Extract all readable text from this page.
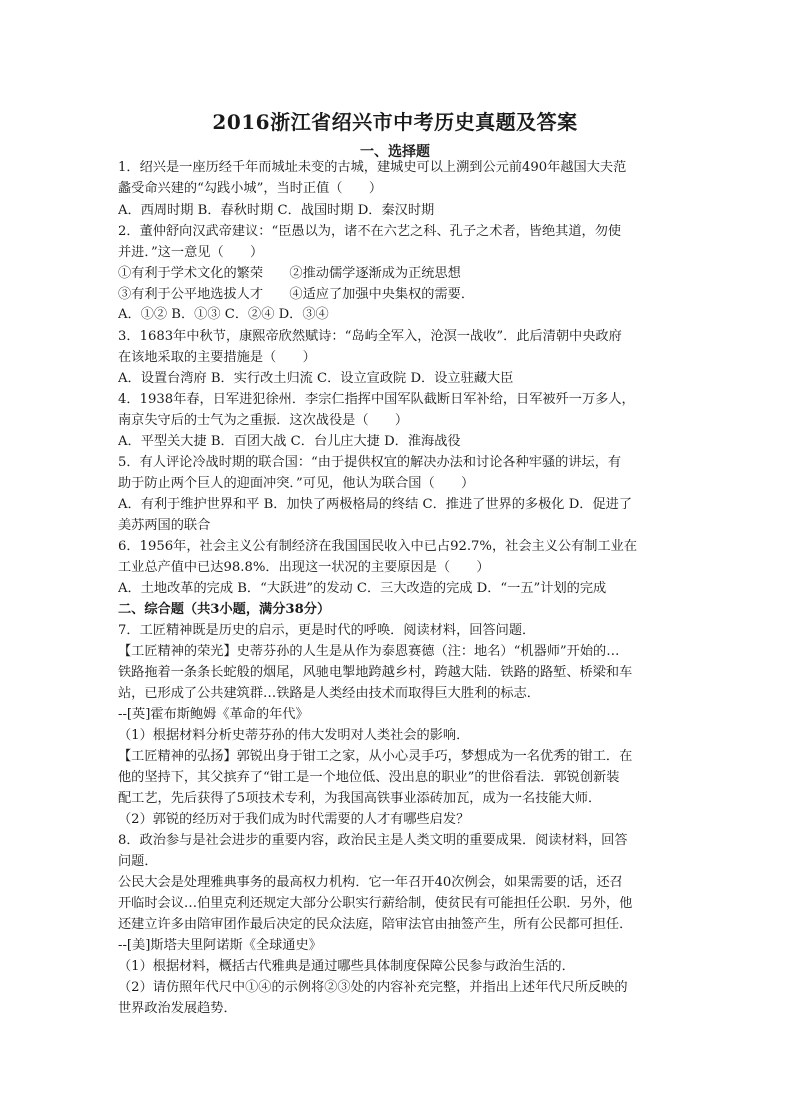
2016浙江省绍兴市中考历史真题及答案
一、选择题
1．绍兴是一座历经千年而城址未变的古城，建城史可以上溯到公元前490年越国大夫范
蠡受命兴建的“勾践小城”，当时正值（　　）
A．西周时期 B．春秋时期 C．战国时期 D．秦汉时期
2．董仲舒向汉武帝建议：“臣愚以为，诸不在六艺之科、孔子之术者，皆绝其道，勿使
并进．”这一意见（　　）
①有利于学术文化的繁荣　　②推动儒学逐渐成为正统思想
③有利于公平地选拔人才　　④适应了加强中央集权的需要．
A．①② B．①③ C．②④ D．③④
3．1683年中秋节，康熙帝欣然赋诗：“岛屿全军入，沧溟一战收”．此后清朝中央政府
在该地采取的主要措施是（　　）
A．设置台湾府 B．实行改土归流 C．设立宣政院 D．设立驻藏大臣
4．1938年春，日军进犯徐州．李宗仁指挥中国军队截断日军补给，日军被歼一万多人，
南京失守后的士气为之重振．这次战役是（　　）
A．平型关大捷 B．百团大战 C．台儿庄大捷 D．淮海战役
5．有人评论冷战时期的联合国：“由于提供权宜的解决办法和讨论各种牢骚的讲坛，有
助于防止两个巨人的迎面冲突．”可见，他认为联合国（　　）
A．有利于维护世界和平 B．加快了两极格局的终结 C．推进了世界的多极化 D．促进了
美苏两国的联合
6．1956年，社会主义公有制经济在我国国民收入中已占92.7%，社会主义公有制工业在
工业总产值中已达98.8%．出现这一状况的主要原因是（　　）
A．土地改革的完成 B．“大跃进”的发动 C．三大改造的完成 D．“一五”计划的完成
二、综合题（共3小题，满分38分）
7．工匠精神既是历史的启示，更是时代的呼唤．阅读材料，回答问题．
【工匠精神的荣光】史蒂芬孙的人生是从作为泰恩赛德（注：地名）“机器师”开始的…
铁路拖着一条条长蛇般的烟尾，风驰电掣地跨越乡村，跨越大陆．铁路的路堑、桥梁和车
站，已形成了公共建筑群…铁路是人类经由技术而取得巨大胜利的标志．
--[英]霍布斯鲍姆《革命的年代》
（1）根据材料分析史蒂芬孙的伟大发明对人类社会的影响．
【工匠精神的弘扬】郭锐出身于钳工之家，从小心灵手巧，梦想成为一名优秀的钳工．在
他的坚持下，其父摈弃了“钳工是一个地位低、没出息的职业”的世俗看法．郭锐创新装
配工艺，先后获得了5项技术专利，为我国高铁事业添砖加瓦，成为一名技能大师．
（2）郭锐的经历对于我们成为时代需要的人才有哪些启发？
8．政治参与是社会进步的重要内容，政治民主是人类文明的重要成果．阅读材料，回答
问题．
公民大会是处理雅典事务的最高权力机构．它一年召开40次例会，如果需要的话，还召
开临时会议…伯里克利还规定大部分公职实行薪给制，使贫民有可能担任公职．另外，他
还建立许多由陪审团作最后决定的民众法庭，陪审法官由抽签产生，所有公民都可担任．
--[美]斯塔夫里阿诺斯《全球通史》
（1）根据材料，概括古代雅典是通过哪些具体制度保障公民参与政治生活的．
（2）请仿照年代尺中①④的示例将②③处的内容补充完整，并指出上述年代尺所反映的
世界政治发展趋势．
